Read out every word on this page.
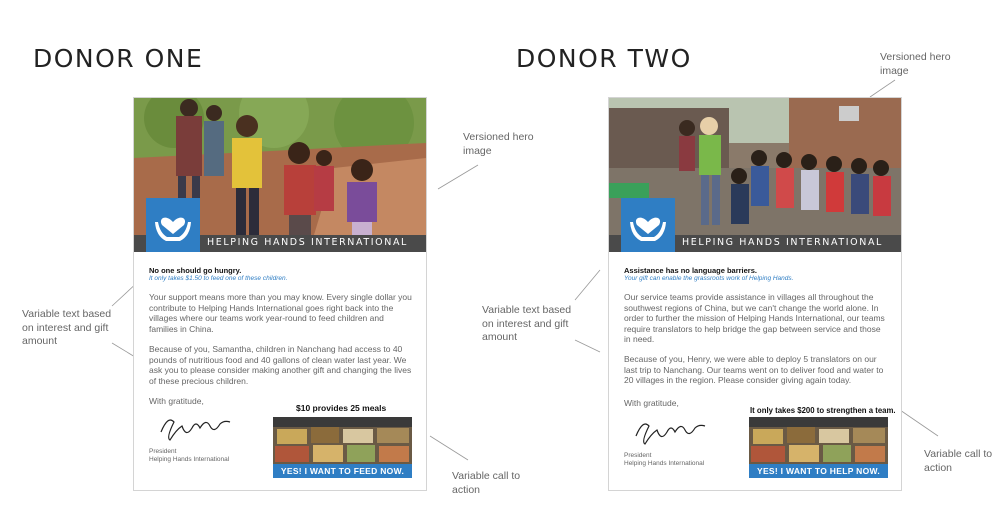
DONOR ONE	DONOR TWO
Versioned hero image
Variable text based on interest and gift amount
Variable call to action
Versioned hero image
Variable text based on interest and gift amount
Variable call to action
HELPING HANDS INTERNATIONAL
No one should go hungry.
It only takes $1.50 to feed one of these children.

Your support means more than you may know. Every single dollar you contribute to Helping Hands International goes right back into the villages where our teams work year-round to feed children and families in China.

Because of you, Samantha, children in Nanchang had access to 40 pounds of nutritious food and 40 gallons of clean water last year. We ask you to please consider making another gift and changing the lives of these precious children.

With gratitude,
President
Helping Hands International
$10 provides 25 meals
YES! I WANT TO FEED NOW.
HELPING HANDS INTERNATIONAL
Assistance has no language barriers.
Your gift can enable the grassroots work of Helping Hands.

Our service teams provide assistance in villages all throughout the southwest regions of China, but we can't change the world alone. In order to further the mission of Helping Hands International, our teams require translators to help bridge the gap between service and those in need.

Because of you, Henry, we were able to deploy 5 translators on our last trip to Nanchang. Our teams went on to deliver food and water to 20 villages in the region. Please consider giving again today.

With gratitude,
President
Helping Hands International
It only takes $200 to strengthen a team.
YES! I WANT TO HELP NOW.
